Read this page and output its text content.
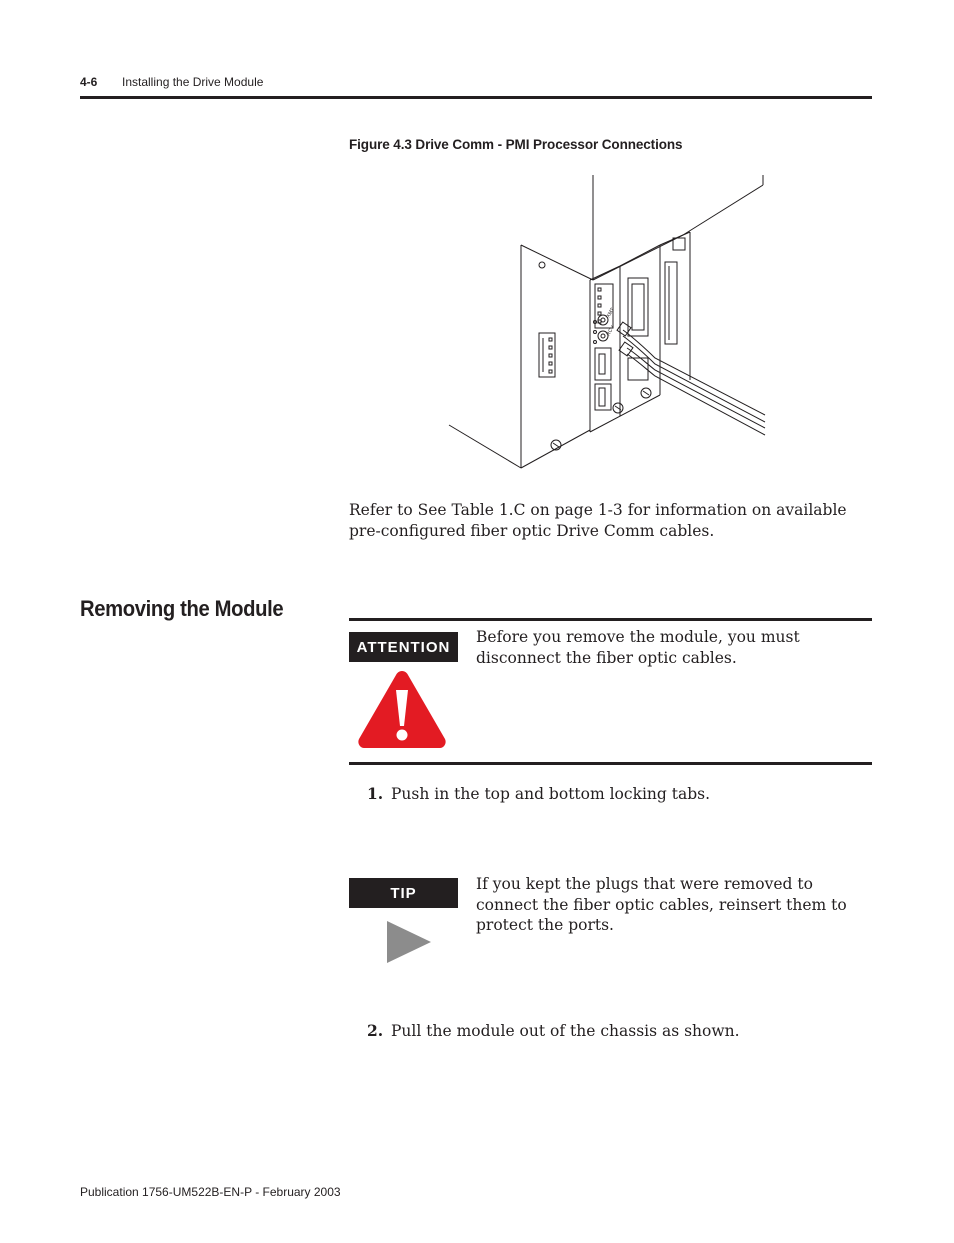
4-6 Installing the Drive Module
Figure 4.3 Drive Comm - PMI Processor Connections
XMT
RCV
Refer to See Table 1.C on page 1-3 for information on available pre-configured fiber optic Drive Comm cables.
Removing the Module
ATTENTION
Before you remove the module, you must disconnect the fiber optic cables.
1. Push in the top and bottom locking tabs.
TIP	If you kept the plugs that were removed to connect the fiber optic cables, reinsert them to protect the ports.
2. Pull the module out of the chassis as shown.
Publication 1756-UM522B-EN-P - February 2003
